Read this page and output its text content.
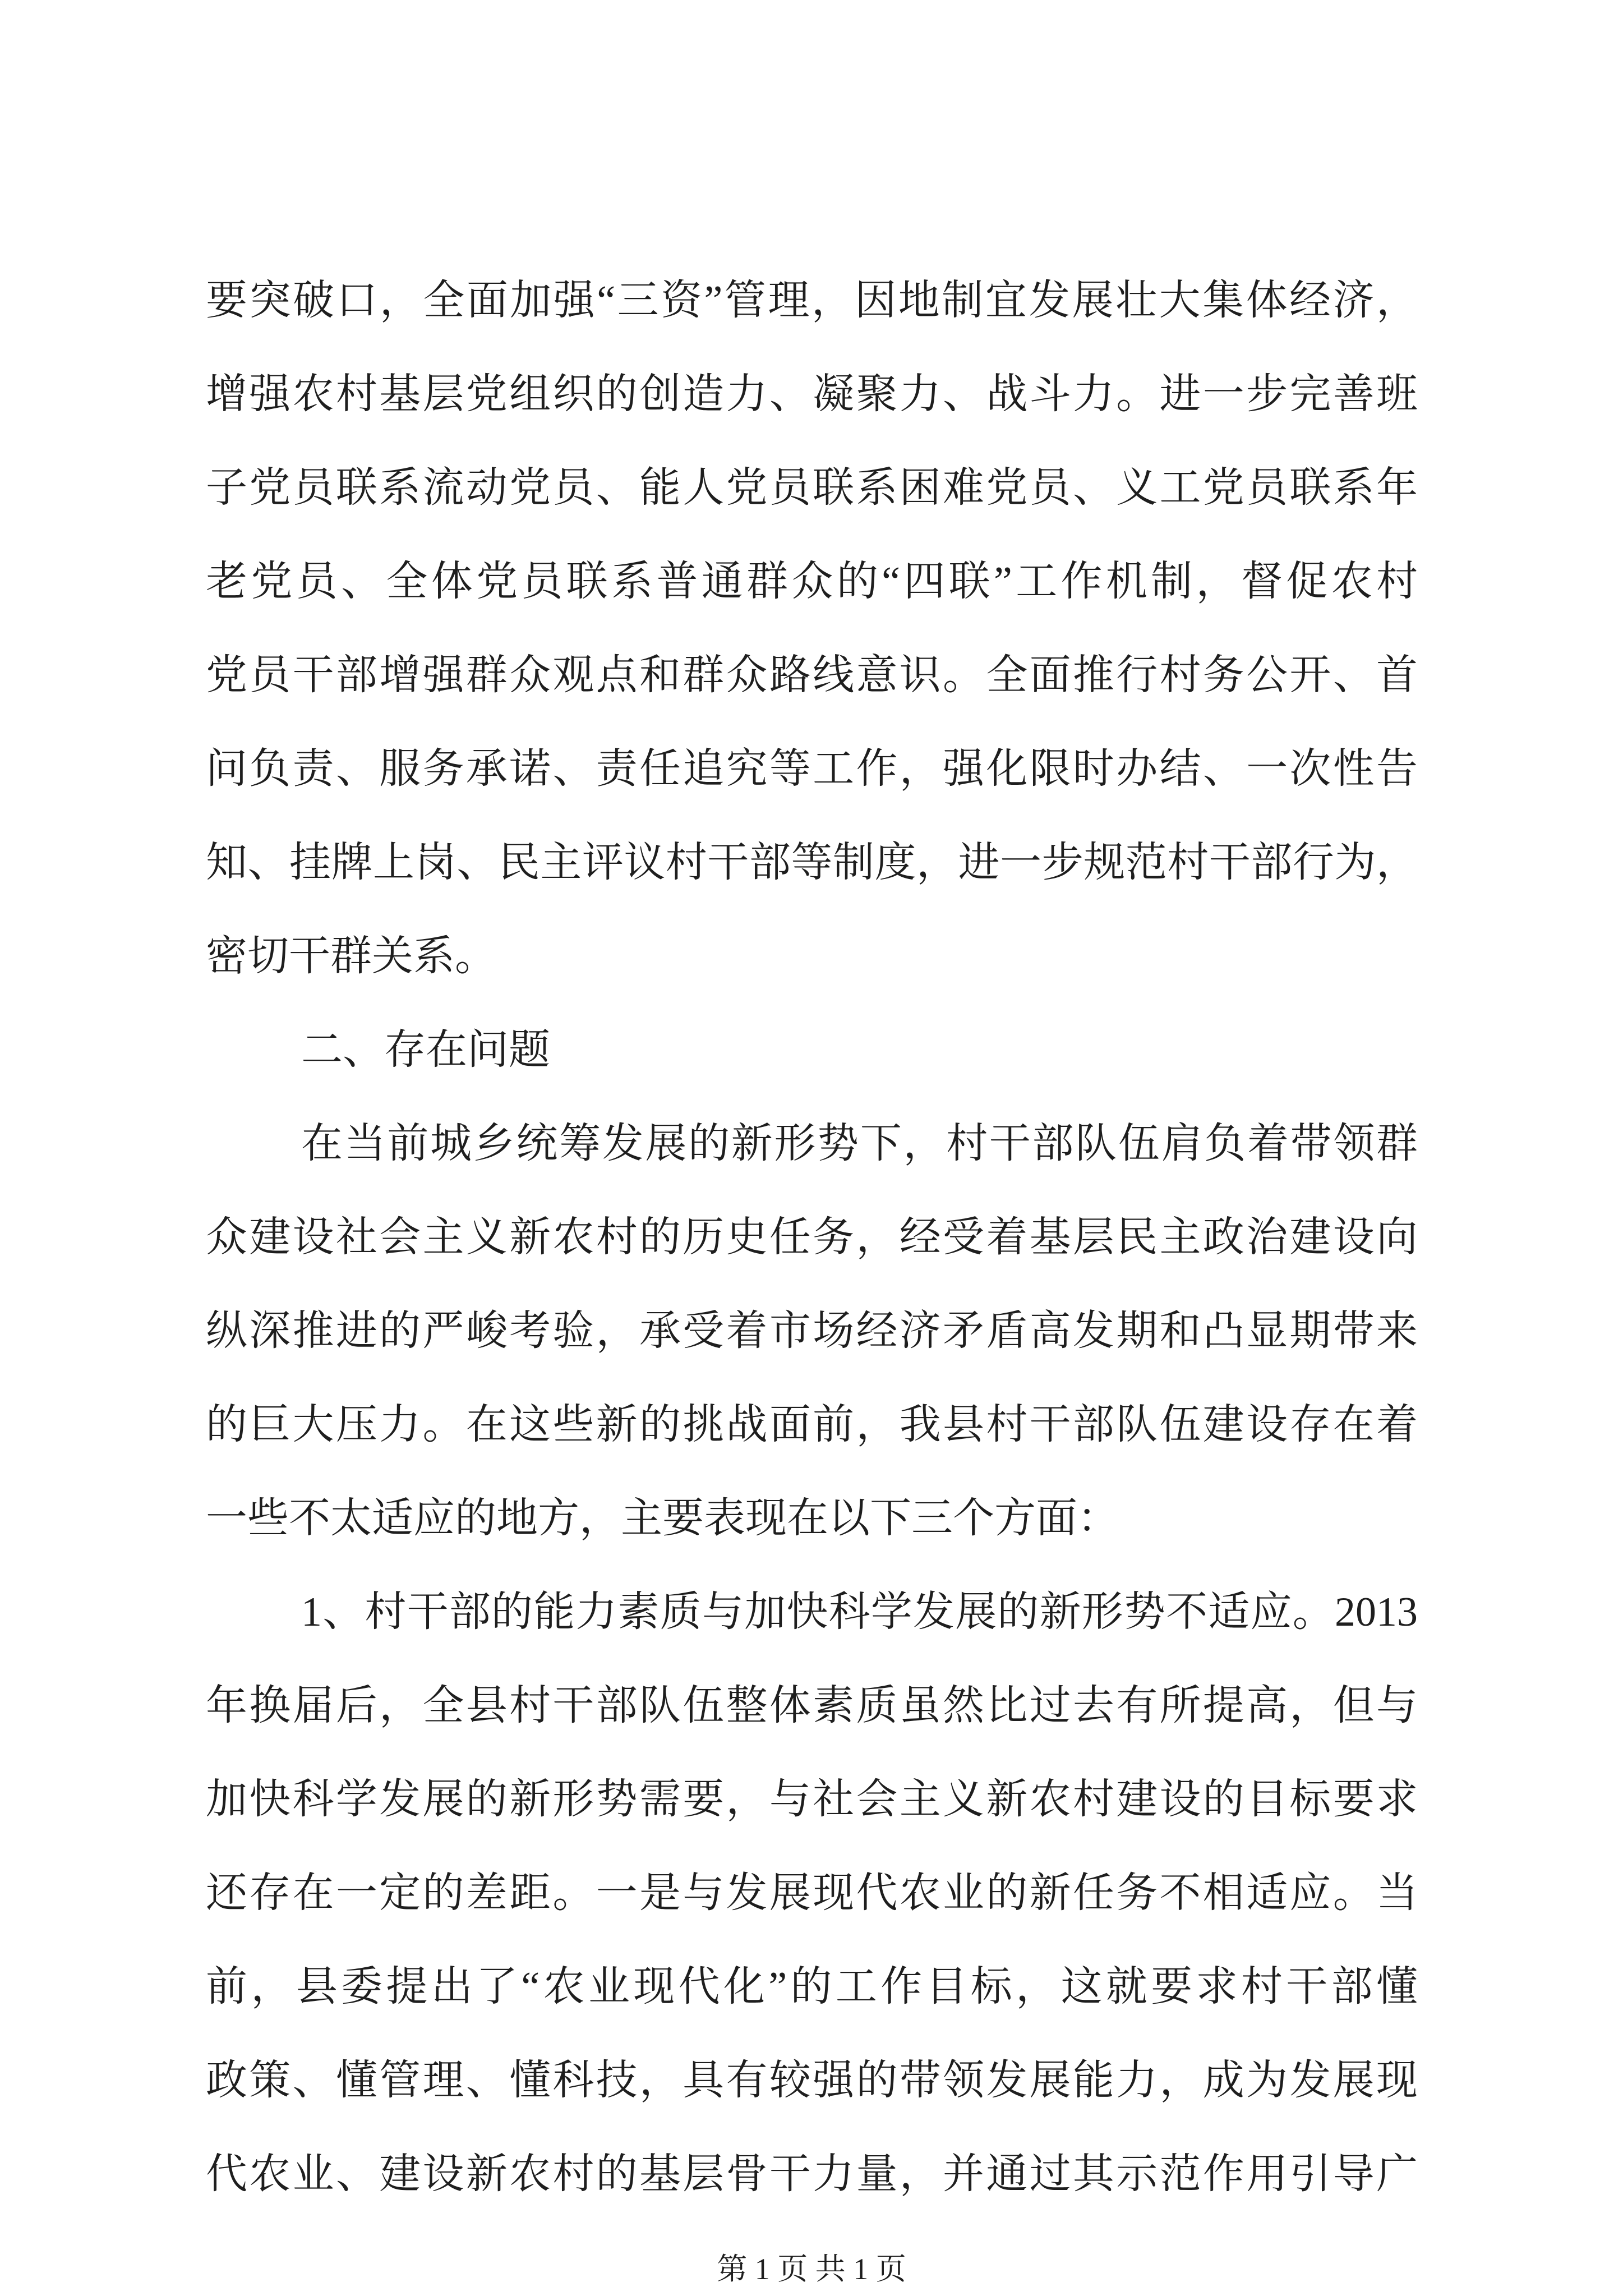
要突破口，全面加强“三资”管理，因地制宜发展壮大集体经济，
增强农村基层党组织的创造力、凝聚力、战斗力。进一步完善班
子党员联系流动党员、能人党员联系困难党员、义工党员联系年
老党员、全体党员联系普通群众的“四联”工作机制，督促农村
党员干部增强群众观点和群众路线意识。全面推行村务公开、首
问负责、服务承诺、责任追究等工作，强化限时办结、一次性告
知、挂牌上岗、民主评议村干部等制度，进一步规范村干部行为，
密切干群关系。
二、存在问题
在当前城乡统筹发展的新形势下，村干部队伍肩负着带领群
众建设社会主义新农村的历史任务，经受着基层民主政治建设向
纵深推进的严峻考验，承受着市场经济矛盾高发期和凸显期带来
的巨大压力。在这些新的挑战面前，我县村干部队伍建设存在着
一些不太适应的地方，主要表现在以下三个方面：
1、村干部的能力素质与加快科学发展的新形势不适应。2013
年换届后，全县村干部队伍整体素质虽然比过去有所提高，但与
加快科学发展的新形势需要，与社会主义新农村建设的目标要求
还存在一定的差距。一是与发展现代农业的新任务不相适应。当
前，县委提出了“农业现代化”的工作目标，这就要求村干部懂
政策、懂管理、懂科技，具有较强的带领发展能力，成为发展现
代农业、建设新农村的基层骨干力量，并通过其示范作用引导广
第 1 页 共 1 页
